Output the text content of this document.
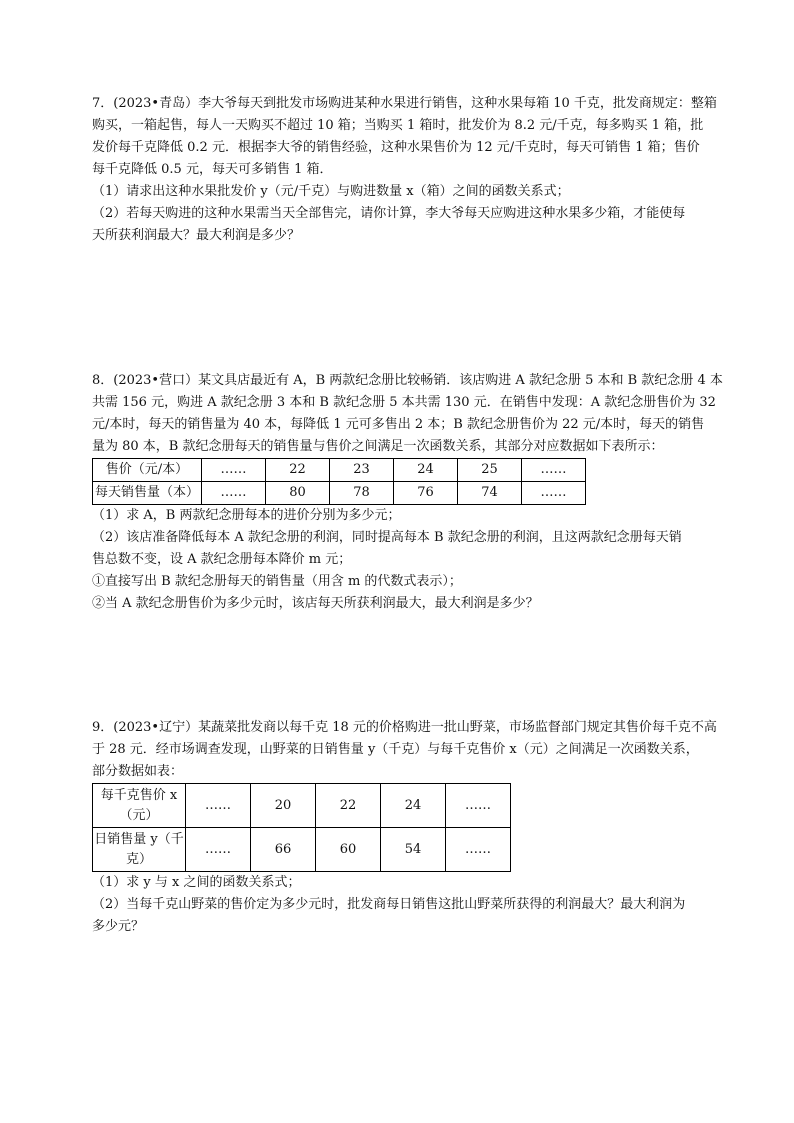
7．(2023•青岛）李大爷每天到批发市场购进某种水果进行销售，这种水果每箱 10 千克，批发商规定：整箱
购买，一箱起售，每人一天购买不超过 10 箱；当购买 1 箱时，批发价为 8.2 元/千克，每多购买 1 箱，批
发价每千克降低 0.2 元．根据李大爷的销售经验，这种水果售价为 12 元/千克时，每天可销售 1 箱；售价
每千克降低 0.5 元，每天可多销售 1 箱．
（1）请求出这种水果批发价 y（元/千克）与购进数量 x（箱）之间的函数关系式；
（2）若每天购进的这种水果需当天全部售完，请你计算，李大爷每天应购进这种水果多少箱，才能使每
天所获利润最大？最大利润是多少？
8．(2023•营口）某文具店最近有 A，B 两款纪念册比较畅销．该店购进 A 款纪念册 5 本和 B 款纪念册 4 本
共需 156 元，购进 A 款纪念册 3 本和 B 款纪念册 5 本共需 130 元．在销售中发现：A 款纪念册售价为 32
元/本时，每天的销售量为 40 本，每降低 1 元可多售出 2 本；B 款纪念册售价为 22 元/本时，每天的销售
量为 80 本，B 款纪念册每天的销售量与售价之间满足一次函数关系，其部分对应数据如下表所示：
售价（元/本）	……	22	23	24	25	……
每天销售量（本）	……	80	78	76	74	……
（1）求 A，B 两款纪念册每本的进价分别为多少元；
（2）该店准备降低每本 A 款纪念册的利润，同时提高每本 B 款纪念册的利润，且这两款纪念册每天销
售总数不变，设 A 款纪念册每本降价 m 元；
①直接写出 B 款纪念册每天的销售量（用含 m 的代数式表示）；
②当 A 款纪念册售价为多少元时，该店每天所获利润最大，最大利润是多少？
9．(2023•辽宁）某蔬菜批发商以每千克 18 元的价格购进一批山野菜，市场监督部门规定其售价每千克不高
于 28 元．经市场调查发现，山野菜的日销售量 y（千克）与每千克售价 x（元）之间满足一次函数关系，
部分数据如表：
每千克售价 x
（元）	……	20	22	24	……
日销售量 y（千
克）	……	66	60	54	……
（1）求 y 与 x 之间的函数关系式；
（2）当每千克山野菜的售价定为多少元时，批发商每日销售这批山野菜所获得的利润最大？最大利润为
多少元？
